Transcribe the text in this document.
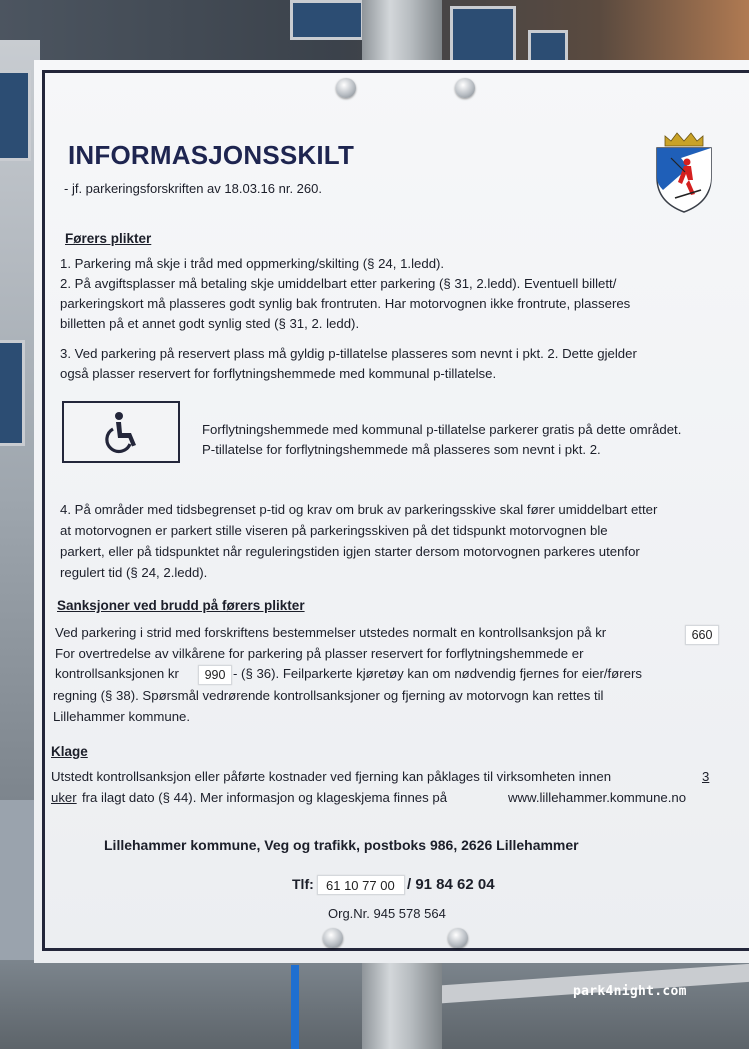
park4night.com
INFORMASJONSSKILT
- jf. parkeringsforskriften av 18.03.16 nr. 260.
Førers plikter
1. Parkering må skje i tråd med oppmerking/skilting (§ 24, 1.ledd).
2. På avgiftsplasser må betaling skje umiddelbart etter parkering (§ 31, 2.ledd). Eventuell billett/
parkeringskort må plasseres godt synlig bak frontruten. Har motorvognen ikke frontrute, plasseres
billetten på et annet godt synlig sted (§ 31, 2. ledd).
3. Ved parkering på reservert plass må gyldig p-tillatelse plasseres som nevnt i pkt. 2. Dette gjelder
også plasser reservert for forflytningshemmede med kommunal p-tillatelse.
Forflytningshemmede med kommunal p-tillatelse parkerer gratis på dette området.
P-tillatelse for forflytningshemmede må plasseres som nevnt i pkt. 2.
4. På områder med tidsbegrenset p-tid og krav om bruk av parkeringsskive skal fører umiddelbart etter
at motorvognen er parkert stille viseren på parkeringsskiven på det tidspunkt motorvognen ble
parkert, eller på tidspunktet når reguleringstiden igjen starter dersom motorvognen parkeres utenfor
regulert tid (§ 24, 2.ledd).
Sanksjoner ved brudd på førers plikter
Ved parkering i strid med forskriftens bestemmelser utstedes normalt en kontrollsanksjon på kr	660
For overtredelse av vilkårene for parkering på plasser reservert for forflytningshemmede er
kontrollsanksjonen kr	990 - (§ 36). Feilparkerte kjøretøy kan om nødvendig fjernes for eier/førers
regning (§ 38). Spørsmål vedrørende kontrollsanksjoner og fjerning av motorvogn kan rettes til
Lillehammer kommune.
Klage
Utstedt kontrollsanksjon eller påførte kostnader ved fjerning kan påklages til virksomheten innen	3
uker fra ilagt dato (§ 44). Mer informasjon og klageskjema finnes på	www.lillehammer.kommune.no
Lillehammer kommune, Veg og trafikk, postboks 986, 2626 Lillehammer
Tlf: 61 10 77 00 / 91 84 62 04
Org.Nr. 945 578 564
